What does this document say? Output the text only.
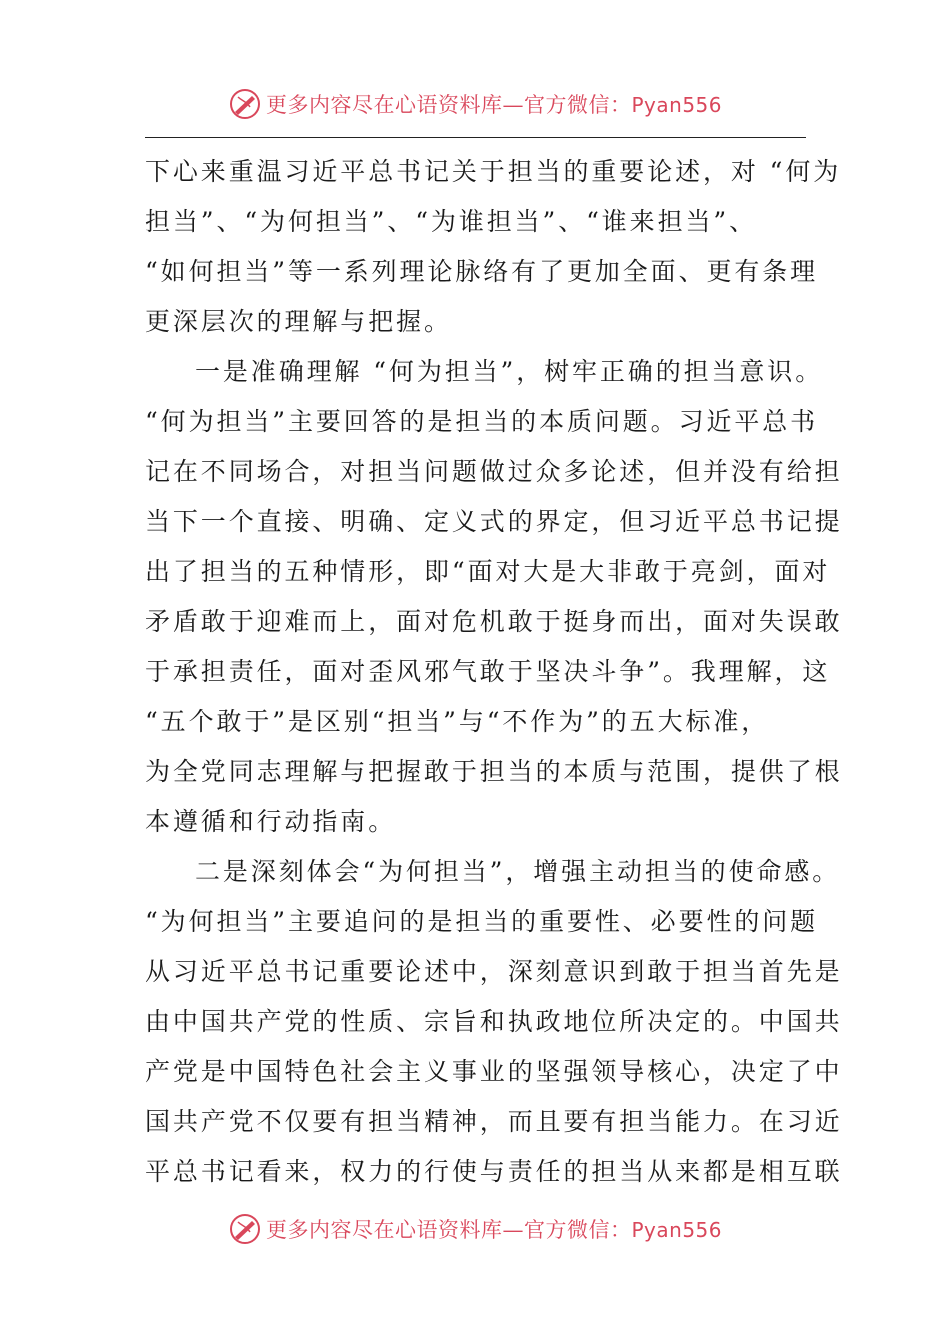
更多内容尽在心语资料库—官方微信：Pyan556
下心来重温习近平总书记关于担当的重要论述，对 “何为
担当”、“为何担当”、“为谁担当”、“谁来担当”、
“如何担当”等一系列理论脉络有了更加全面、更有条理
更深层次的理解与把握。
一是准确理解 “何为担当”，树牢正确的担当意识。
“何为担当”主要回答的是担当的本质问题。习近平总书
记在不同场合，对担当问题做过众多论述，但并没有给担
当下一个直接、明确、定义式的界定，但习近平总书记提
出了担当的五种情形，即“面对大是大非敢于亮剑，面对
矛盾敢于迎难而上，面对危机敢于挺身而出，面对失误敢
于承担责任，面对歪风邪气敢于坚决斗争”。我理解，这
“五个敢于”是区别“担当”与“不作为”的五大标准，
为全党同志理解与把握敢于担当的本质与范围，提供了根
本遵循和行动指南。
二是深刻体会“为何担当”，增强主动担当的使命感。
“为何担当”主要追问的是担当的重要性、必要性的问题
从习近平总书记重要论述中，深刻意识到敢于担当首先是
由中国共产党的性质、宗旨和执政地位所决定的。中国共
产党是中国特色社会主义事业的坚强领导核心，决定了中
国共产党不仅要有担当精神，而且要有担当能力。在习近
平总书记看来，权力的行使与责任的担当从来都是相互联
更多内容尽在心语资料库—官方微信：Pyan556
